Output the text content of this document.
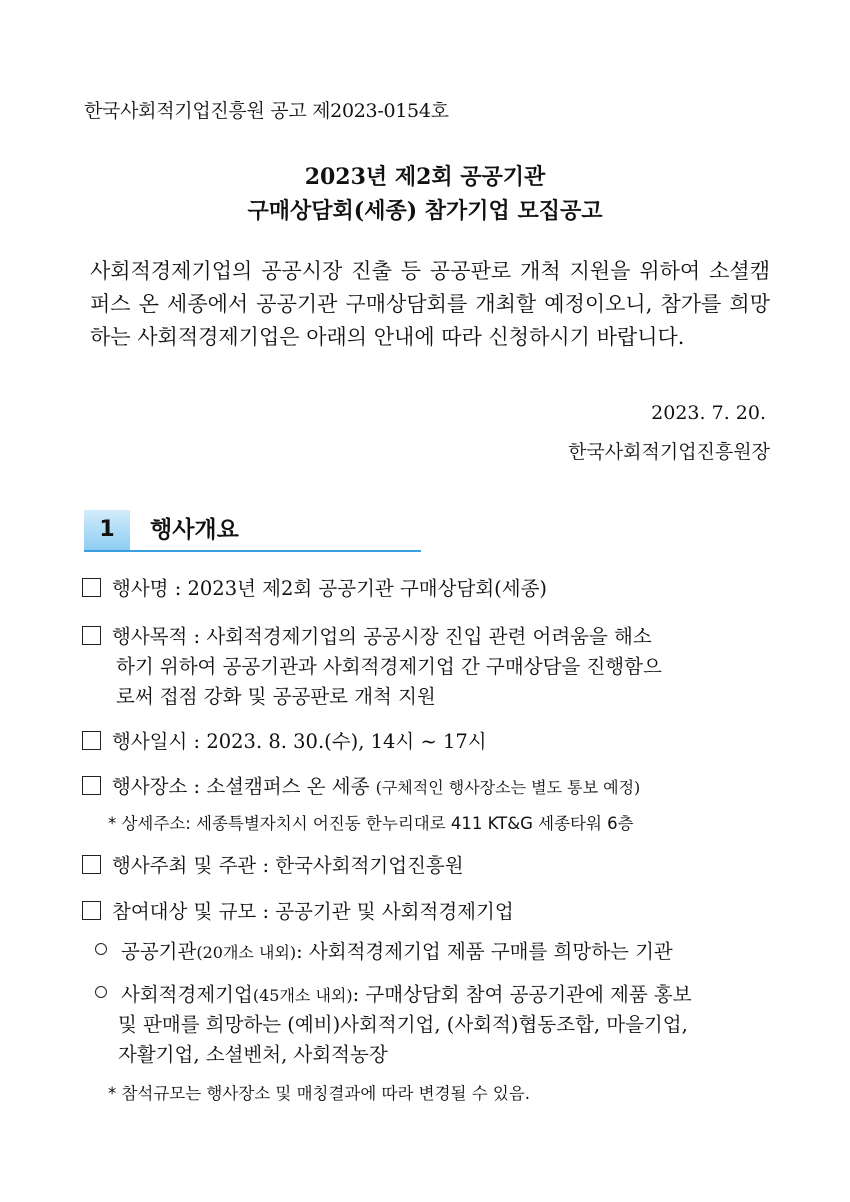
한국사회적기업진흥원 공고 제2023-0154호
2023년 제2회 공공기관
구매상담회(세종) 참가기업 모집공고
사회적경제기업의 공공시장 진출 등 공공판로 개척 지원을 위하여 소셜캠퍼스 온 세종에서 공공기관 구매상담회를 개최할 예정이오니, 참가를 희망하는 사회적경제기업은 아래의 안내에 따라 신청하시기 바랍니다.
2023. 7. 20.
한국사회적기업진흥원장
1	행사개요
행사명 : 2023년 제2회 공공기관 구매상담회(세종)
행사목적 : 사회적경제기업의 공공시장 진입 관련 어려움을 해소
하기 위하여 공공기관과 사회적경제기업 간 구매상담을 진행함으
로써 접점 강화 및 공공판로 개척 지원
행사일시 : 2023. 8. 30.(수), 14시 ~ 17시
행사장소 : 소셜캠퍼스 온 세종 (구체적인 행사장소는 별도 통보 예정)
* 상세주소: 세종특별자치시 어진동 한누리대로 411 KT&G 세종타워 6층
행사주최 및 주관 : 한국사회적기업진흥원
참여대상 및 규모 : 공공기관 및 사회적경제기업
공공기관(20개소 내외): 사회적경제기업 제품 구매를 희망하는 기관
사회적경제기업(45개소 내외): 구매상담회 참여 공공기관에 제품 홍보
및 판매를 희망하는 (예비)사회적기업, (사회적)협동조합, 마을기업,
자활기업, 소셜벤처, 사회적농장
* 참석규모는 행사장소 및 매칭결과에 따라 변경될 수 있음.
